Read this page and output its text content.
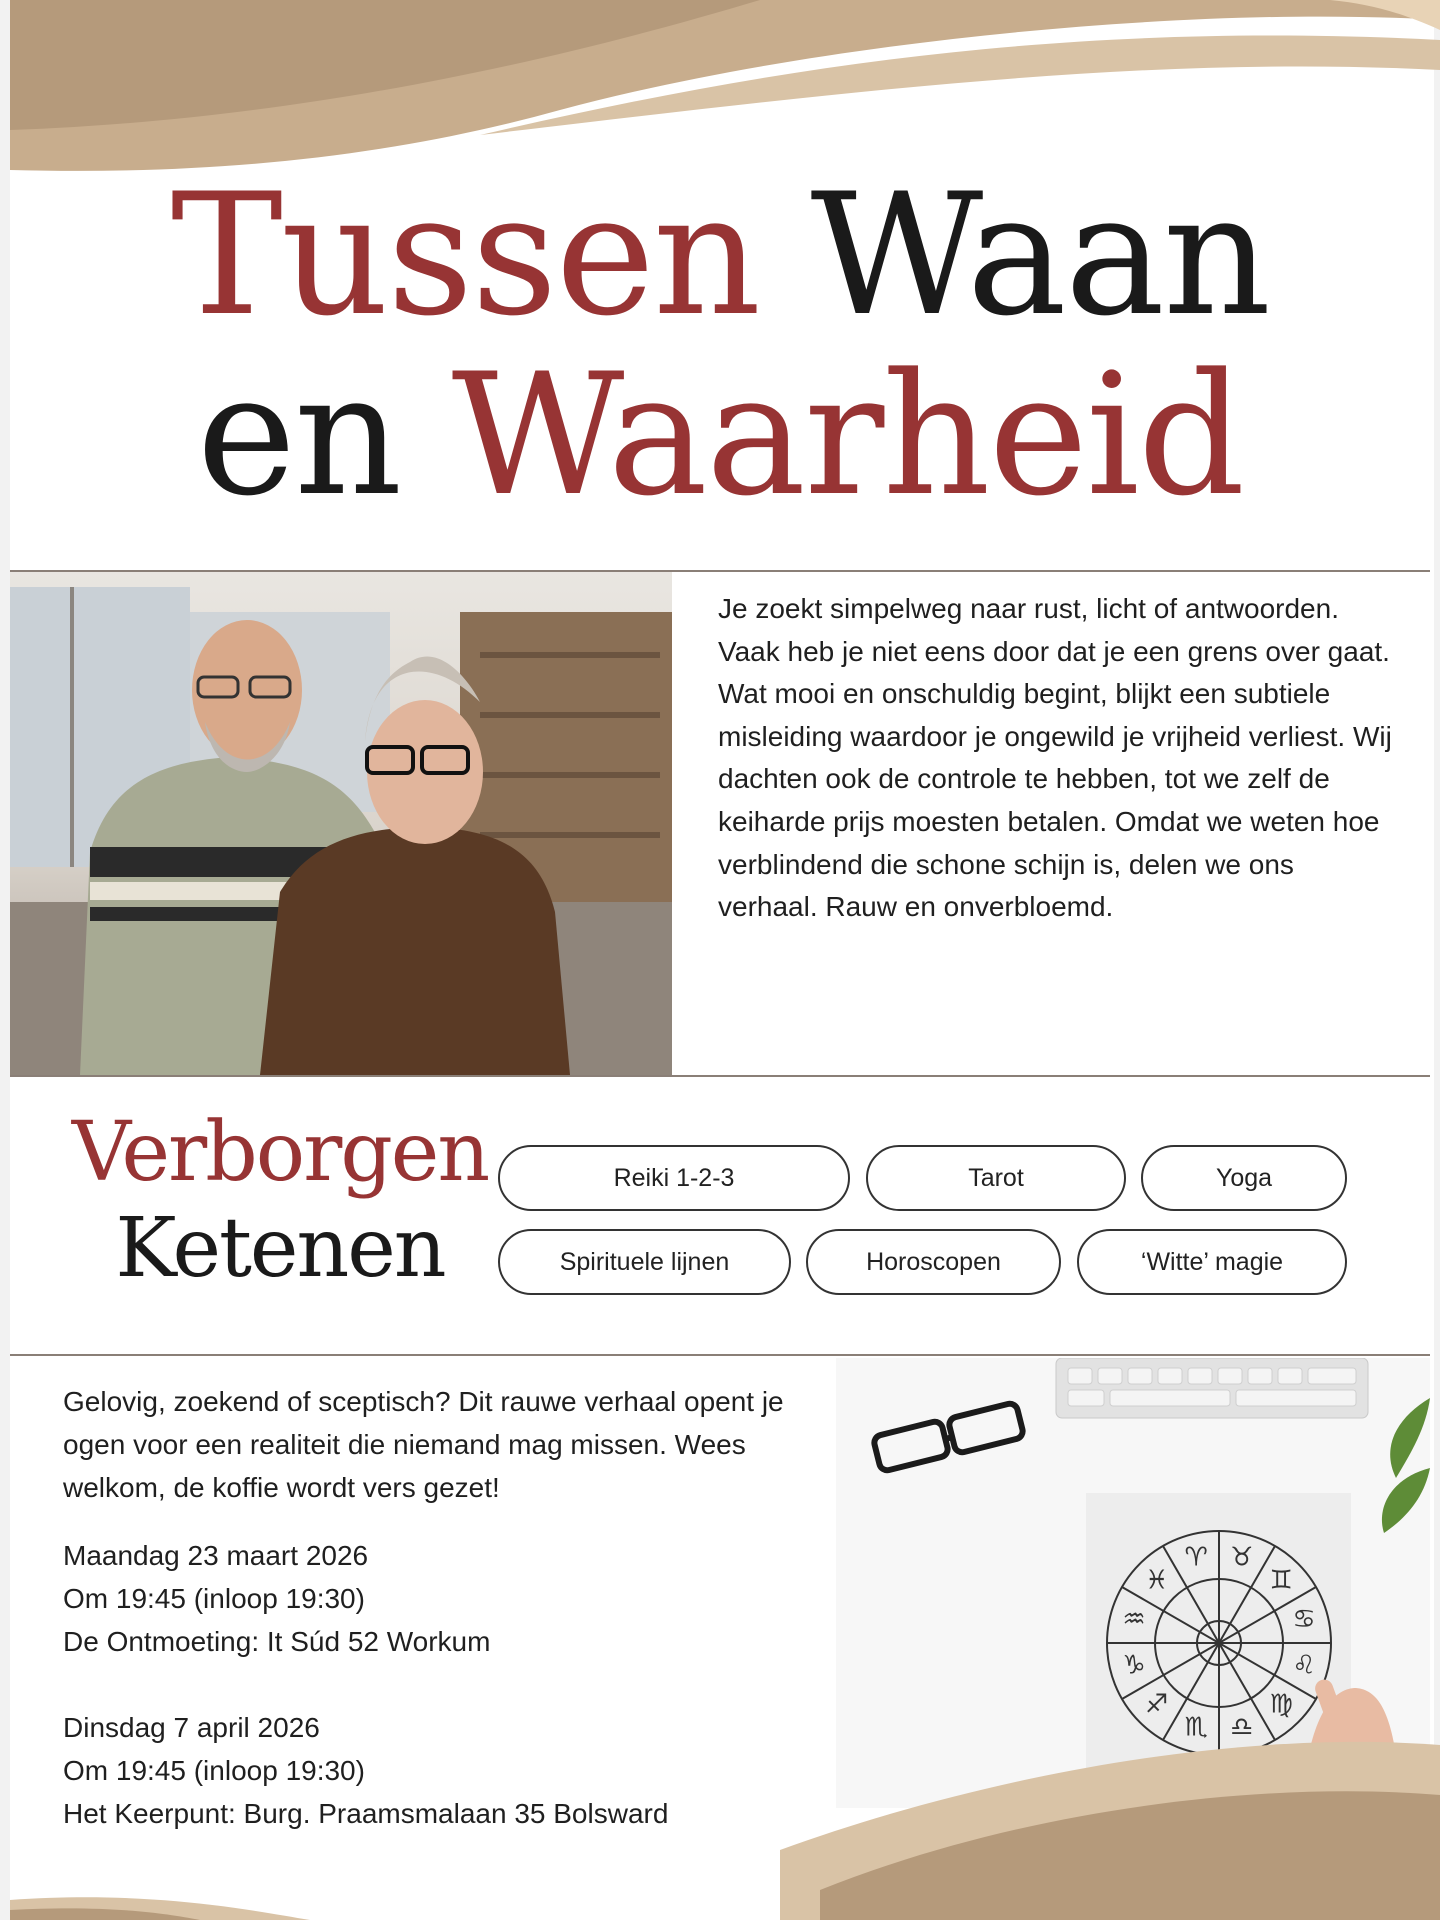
Tussen Waan
en Waarheid

Je zoekt simpelweg naar rust, licht of antwoorden. Vaak heb je niet eens door dat je een grens over gaat. Wat mooi en onschuldig begint, blijkt een subtiele misleiding waardoor je ongewild je vrijheid verliest. Wij dachten ook de controle te hebben, tot we zelf de keiharde prijs moesten betalen. Omdat we weten hoe verblindend die schone schijn is, delen we ons verhaal. Rauw en onverbloemd.

Verborgen
Ketenen
Reiki 1-2-3	Tarot	Yoga
Spirituele lijnen	Horoscopen	‘Witte’ magie
♈ ♉
♊
♋
♌
♍
♎
♏
♐
♑
♒
♓

Gelovig, zoekend of sceptisch? Dit rauwe verhaal opent je ogen voor een realiteit die niemand mag missen. Wees welkom, de koffie wordt vers gezet!

Maandag 23 maart 2026

Om 19:45 (inloop 19:30)

De Ontmoeting: It Súd 52 Workum

Dinsdag 7 april 2026

Om 19:45 (inloop 19:30)

Het Keerpunt: Burg. Praamsmalaan 35 Bolsward
